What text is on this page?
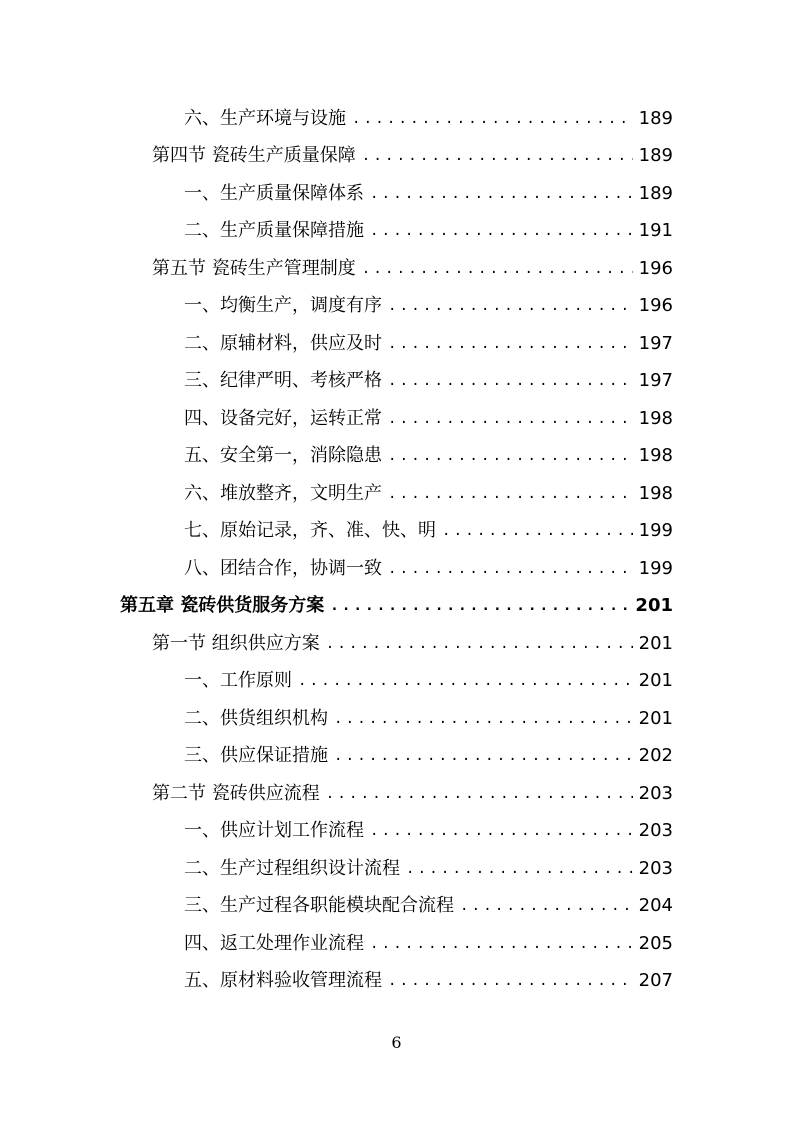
六、生产环境与设施 .....	189
第四节 瓷砖生产质量保障 .....	189
一、生产质量保障体系 .....	189
二、生产质量保障措施 .....	191
第五节 瓷砖生产管理制度 .....	196
一、均衡生产，调度有序 .....	196
二、原辅材料，供应及时 .....	197
三、纪律严明、考核严格 .....	197
四、设备完好，运转正常 .....	198
五、安全第一，消除隐患 .....	198
六、堆放整齐，文明生产 .....	198
七、原始记录，齐、准、快、明 .....	199
八、团结合作，协调一致 .....	199
第五章 瓷砖供货服务方案 .....	201
第一节 组织供应方案 .....	201
一、工作原则 .....	201
二、供货组织机构 .....	201
三、供应保证措施 .....	202
第二节 瓷砖供应流程 .....	203
一、供应计划工作流程 .....	203
二、生产过程组织设计流程 .....	203
三、生产过程各职能模块配合流程 .....	204
四、返工处理作业流程 .....	205
五、原材料验收管理流程 .....	207
6
